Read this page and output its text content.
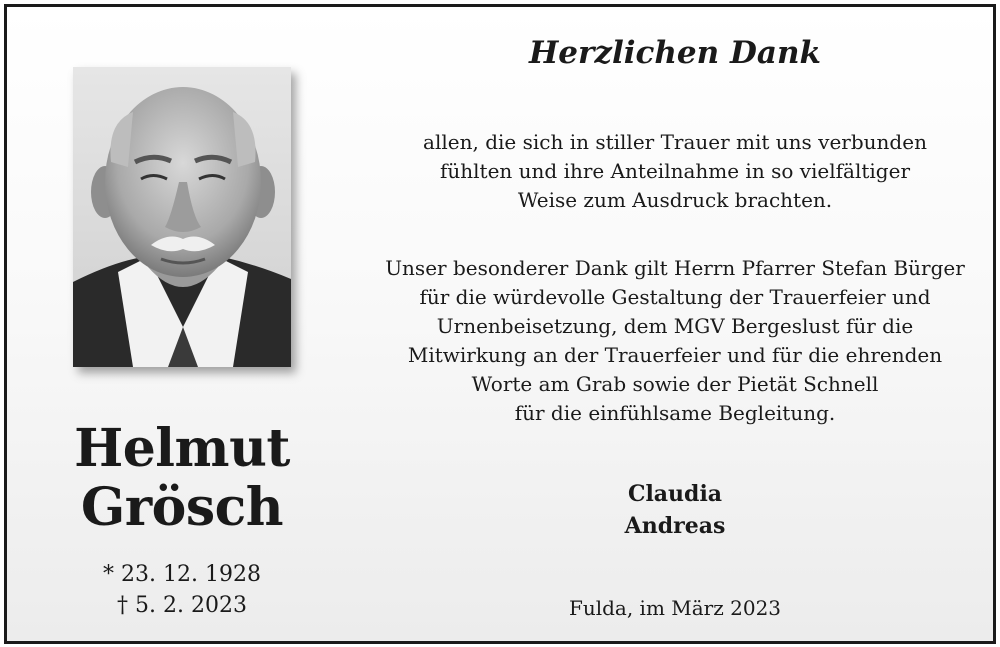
Helmut
Grösch
* 23. 12. 1928
† 5. 2. 2023
Herzlichen Dank
allen, die sich in stiller Trauer mit uns verbunden
fühlten und ihre Anteilnahme in so vielfältiger
Weise zum Ausdruck brachten.
Unser besonderer Dank gilt Herrn Pfarrer Stefan Bürger
für die würdevolle Gestaltung der Trauerfeier und
Urnenbeisetzung, dem MGV Bergeslust für die
Mitwirkung an der Trauerfeier und für die ehrenden
Worte am Grab sowie der Pietät Schnell
für die einfühlsame Begleitung.
Claudia
Andreas
Fulda, im März 2023
